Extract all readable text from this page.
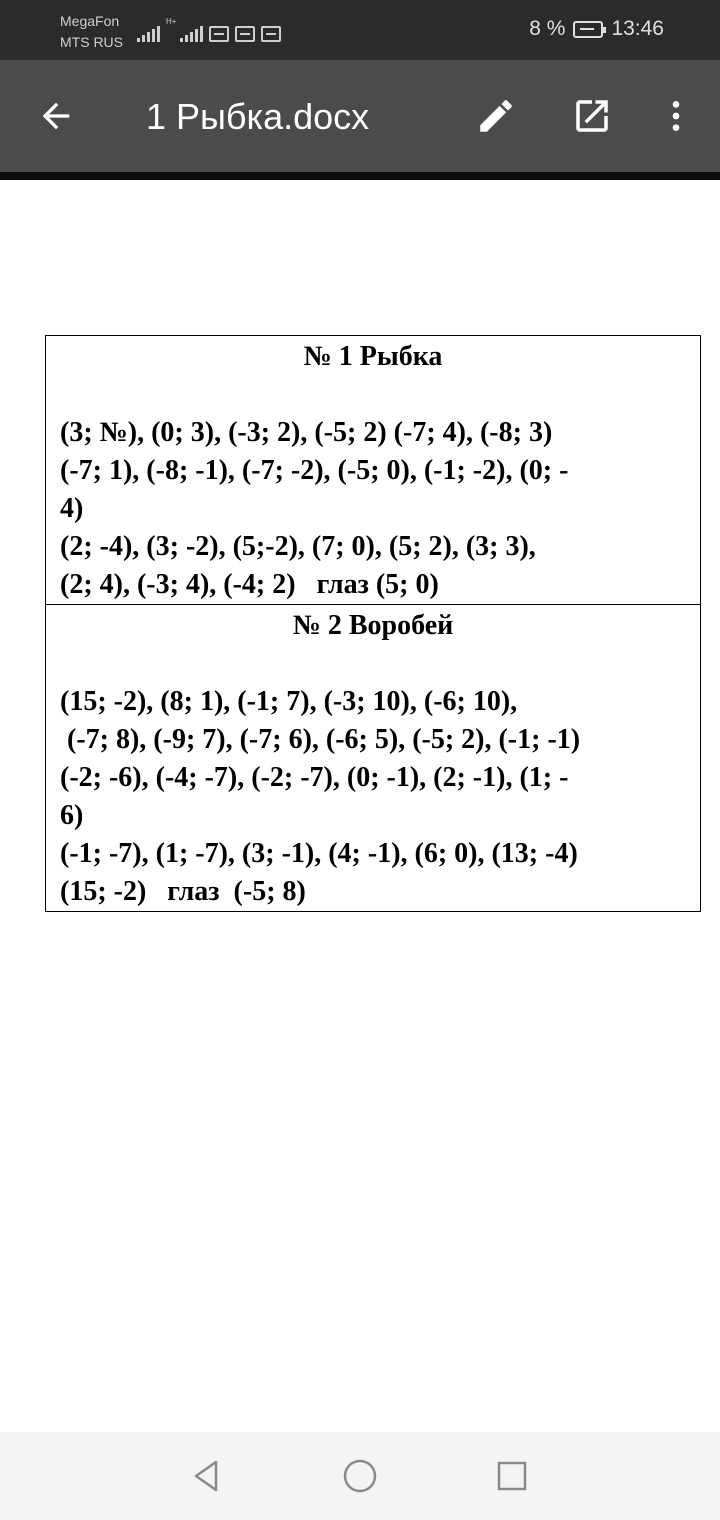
MegaFon
MTS RUS
H+	8 % 13:46
1 Рыбка.docx
№ 1 Рыбка
(3; №), (0; 3), (-3; 2), (-5; 2) (-7; 4), (-8; 3)
(-7; 1), (-8; -1), (-7; -2), (-5; 0), (-1; -2), (0; -
4)
(2; -4), (3; -2), (5;-2), (7; 0), (5; 2), (3; 3),
(2; 4), (-3; 4), (-4; 2)   глаз (5; 0)

№ 2 Воробей
(15; -2), (8; 1), (-1; 7), (-3; 10), (-6; 10),
(-7; 8), (-9; 7), (-7; 6), (-6; 5), (-5; 2), (-1; -1)
(-2; -6), (-4; -7), (-2; -7), (0; -1), (2; -1), (1; -
6)
(-1; -7), (1; -7), (3; -1), (4; -1), (6; 0), (13; -4)
(15; -2)   глаз  (-5; 8)
